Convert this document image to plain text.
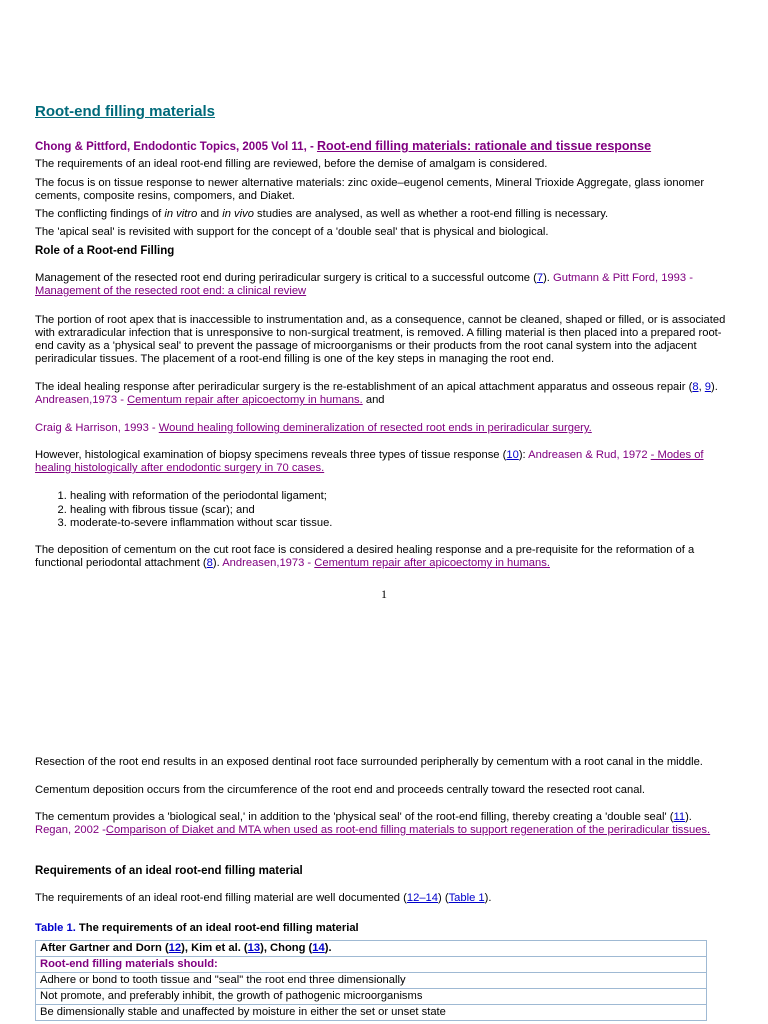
Root-end filling materials
Chong & Pittford, Endodontic Topics, 2005 Vol 11, - Root-end filling materials: rationale and tissue response

The requirements of an ideal root-end filling are reviewed, before the demise of amalgam is considered.

The focus is on tissue response to newer alternative materials: zinc oxide–eugenol cements, Mineral Trioxide Aggregate, glass ionomer cements, composite resins, compomers, and Diaket.

The conflicting findings of in vitro and in vivo studies are analysed, as well as whether a root-end filling is necessary.

The 'apical seal' is revisited with support for the concept of a 'double seal' that is physical and biological.

Role of a Root-end Filling

Management of the resected root end during periradicular surgery is critical to a successful outcome (7). Gutmann & Pitt Ford, 1993 - Management of the resected root end: a clinical review

The portion of root apex that is inaccessible to instrumentation and, as a consequence, cannot be cleaned, shaped or filled, or is associated with extraradicular infection that is unresponsive to non-surgical treatment, is removed. A filling material is then placed into a prepared root-end cavity as a 'physical seal' to prevent the passage of microorganisms or their products from the root canal system into the adjacent periradicular tissues. The placement of a root-end filling is one of the key steps in managing the root end.

The ideal healing response after periradicular surgery is the re-establishment of an apical attachment apparatus and osseous repair (8, 9). Andreasen,1973 - Cementum repair after apicoectomy in humans. and

Craig & Harrison, 1993 - Wound healing following demineralization of resected root ends in periradicular surgery.

However, histological examination of biopsy specimens reveals three types of tissue response (10): Andreasen & Rud, 1972 - Modes of healing histologically after endodontic surgery in 70 cases.

1. healing with reformation of the periodontal ligament;
2. healing with fibrous tissue (scar); and
3. moderate-to-severe inflammation without scar tissue.

The deposition of cementum on the cut root face is considered a desired healing response and a pre-requisite for the reformation of a functional periodontal attachment (8). Andreasen,1973 - Cementum repair after apicoectomy in humans.

1

Resection of the root end results in an exposed dentinal root face surrounded peripherally by cementum with a root canal in the middle.

Cementum deposition occurs from the circumference of the root end and proceeds centrally toward the resected root canal.

The cementum provides a 'biological seal,' in addition to the 'physical seal' of the root-end filling, thereby creating a 'double seal' (11).
Regan, 2002 -Comparison of Diaket and MTA when used as root-end filling materials to support regeneration of the periradicular tissues.

Requirements of an ideal root-end filling material

The requirements of an ideal root-end filling material are well documented (12–14) (Table 1).

Table 1. The requirements of an ideal root-end filling material

After Gartner and Dorn (12), Kim et al. (13), Chong (14).
Root-end filling materials should:
Adhere or bond to tooth tissue and "seal" the root end three dimensionally
Not promote, and preferably inhibit, the growth of pathogenic microorganisms
Be dimensionally stable and unaffected by moisture in either the set or unset state
